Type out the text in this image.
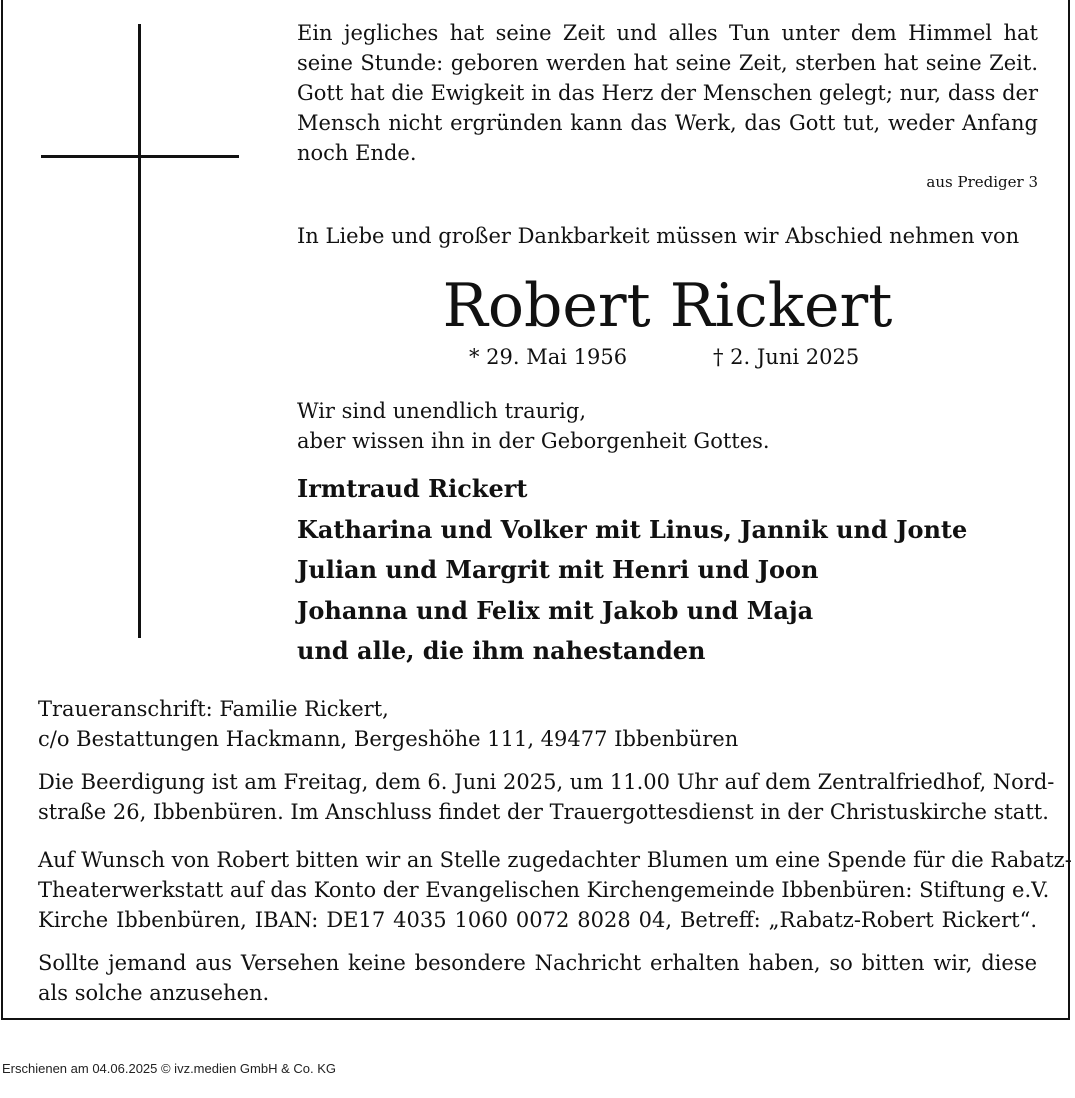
Ein jegliches hat seine Zeit und alles Tun unter dem Himmel hat
seine Stunde: geboren werden hat seine Zeit, sterben hat seine Zeit.
Gott hat die Ewigkeit in das Herz der Menschen gelegt; nur, dass der
Mensch nicht ergründen kann das Werk, das Gott tut, weder Anfang
noch Ende.
aus Prediger 3
In Liebe und großer Dankbarkeit müssen wir Abschied nehmen von
Robert Rickert
* 29. Mai 1956	† 2. Juni 2025
Wir sind unendlich traurig,
aber wissen ihn in der Geborgenheit Gottes.
Irmtraud Rickert
Katharina und Volker mit Linus, Jannik und Jonte
Julian und Margrit mit Henri und Joon
Johanna und Felix mit Jakob und Maja
und alle, die ihm nahestanden
Traueranschrift: Familie Rickert,
c/o Bestattungen Hackmann, Bergeshöhe 111, 49477 Ibbenbüren
Die Beerdigung ist am Freitag, dem 6. Juni 2025, um 11.00 Uhr auf dem Zentralfriedhof, Nord-
straße 26, Ibbenbüren. Im Anschluss findet der Trauergottesdienst in der Christuskirche statt.
Auf Wunsch von Robert bitten wir an Stelle zugedachter Blumen um eine Spende für die Rabatz-
Theaterwerkstatt auf das Konto der Evangelischen Kirchengemeinde Ibbenbüren: Stiftung e.V.
Kirche Ibbenbüren, IBAN: DE17 4035 1060 0072 8028 04, Betreff: „Rabatz-Robert Rickert“.
Sollte jemand aus Versehen keine besondere Nachricht erhalten haben, so bitten wir, diese
als solche anzusehen.
Erschienen am 04.06.2025 © ivz.medien GmbH & Co. KG
